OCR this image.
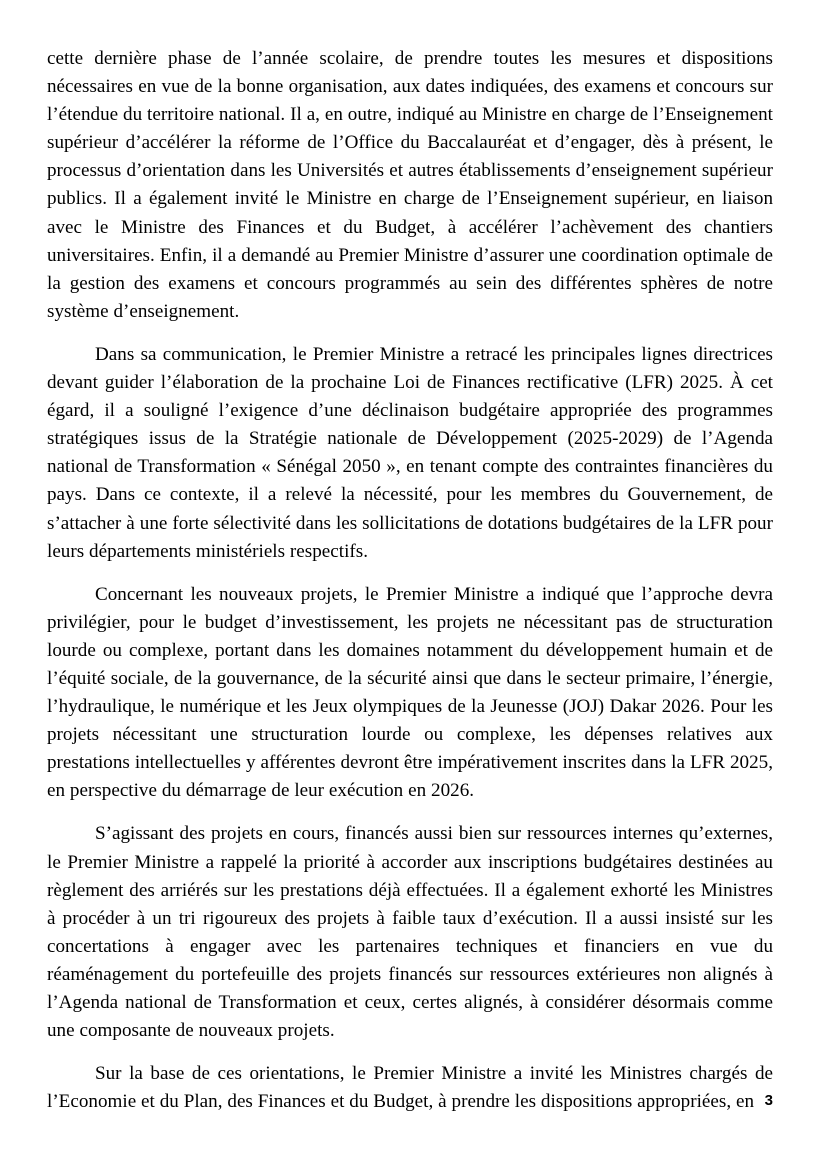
cette dernière phase de l’année scolaire, de prendre toutes les mesures et dispositions nécessaires en vue de la bonne organisation, aux dates indiquées, des examens et concours sur l’étendue du territoire national. Il a, en outre, indiqué au Ministre en charge de l’Enseignement supérieur d’accélérer la réforme de l’Office du Baccalauréat et d’engager, dès à présent, le processus d’orientation dans les Universités et autres établissements d’enseignement supérieur publics. Il a également invité le Ministre en charge de l’Enseignement supérieur, en liaison avec le Ministre des Finances et du Budget, à accélérer l’achèvement des chantiers universitaires. Enfin, il a demandé au Premier Ministre d’assurer une coordination optimale de la gestion des examens et concours programmés au sein des différentes sphères de notre système d’enseignement.

Dans sa communication, le Premier Ministre a retracé les principales lignes directrices devant guider l’élaboration de la prochaine Loi de Finances rectificative (LFR) 2025. À cet égard, il a souligné l’exigence d’une déclinaison budgétaire appropriée des programmes stratégiques issus de la Stratégie nationale de Développement (2025-2029) de l’Agenda national de Transformation « Sénégal 2050 », en tenant compte des contraintes financières du pays. Dans ce contexte, il a relevé la nécessité, pour les membres du Gouvernement, de s’attacher à une forte sélectivité dans les sollicitations de dotations budgétaires de la LFR pour leurs départements ministériels respectifs.

Concernant les nouveaux projets, le Premier Ministre a indiqué que l’approche devra privilégier, pour le budget d’investissement, les projets ne nécessitant pas de structuration lourde ou complexe, portant dans les domaines notamment du développement humain et de l’équité sociale, de la gouvernance, de la sécurité ainsi que dans le secteur primaire, l’énergie, l’hydraulique, le numérique et les Jeux olympiques de la Jeunesse (JOJ) Dakar 2026. Pour les projets nécessitant une structuration lourde ou complexe, les dépenses relatives aux prestations intellectuelles y afférentes devront être impérativement inscrites dans la LFR 2025, en perspective du démarrage de leur exécution en 2026.

S’agissant des projets en cours, financés aussi bien sur ressources internes qu’externes, le Premier Ministre a rappelé la priorité à accorder aux inscriptions budgétaires destinées au règlement des arriérés sur les prestations déjà effectuées. Il a également exhorté les Ministres à procéder à un tri rigoureux des projets à faible taux d’exécution. Il a aussi insisté sur les concertations à engager avec les partenaires techniques et financiers en vue du réaménagement du portefeuille des projets financés sur ressources extérieures non alignés à l’Agenda national de Transformation et ceux, certes alignés, à considérer désormais comme une composante de nouveaux projets.

Sur la base de ces orientations, le Premier Ministre a invité les Ministres chargés de l’Economie et du Plan, des Finances et du Budget, à prendre les dispositions appropriées, en 3
